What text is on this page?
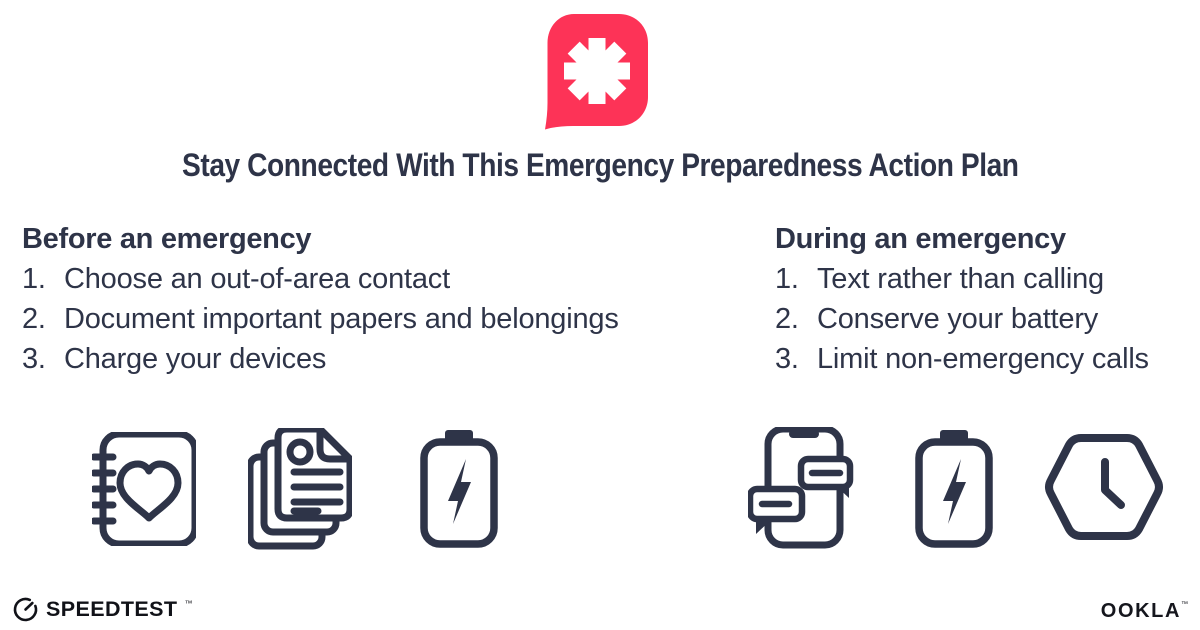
Stay Connected With This Emergency Preparedness Action Plan
Before an emergency
1. Choose an out-of-area contact
2. Document important papers and belongings
3. Charge your devices
During an emergency
1. Text rather than calling
2. Conserve your battery
3. Limit non-emergency calls
SPEEDTEST ™	OOKLA ™
